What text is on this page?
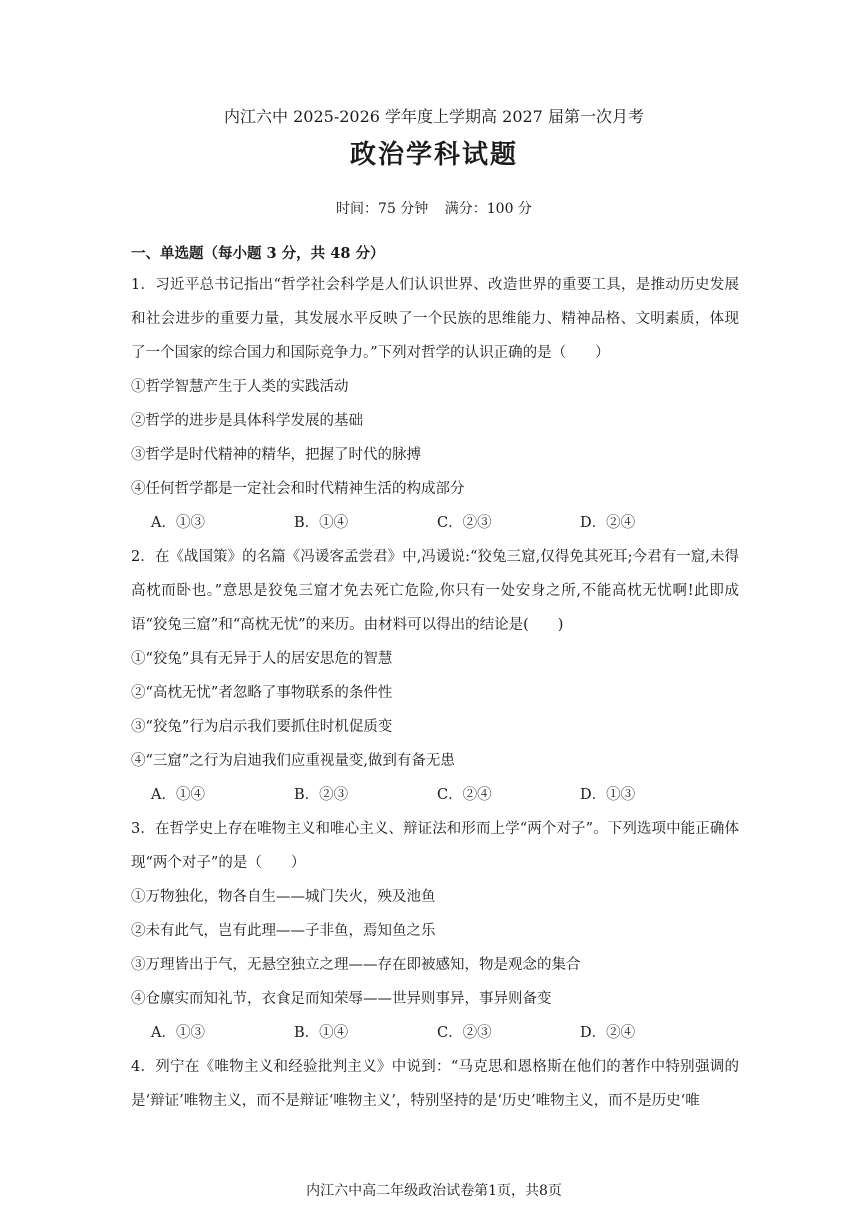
内江六中 2025-2026 学年度上学期高 2027 届第一次月考
政治学科试题
时间：75 分钟 满分：100 分
一、单选题（每小题 3 分，共 48 分）
1．习近平总书记指出“哲学社会科学是人们认识世界、改造世界的重要工具，是推动历史发展和社会进步的重要力量，其发展水平反映了一个民族的思维能力、精神品格、文明素质，体现了一个国家的综合国力和国际竞争力。”下列对哲学的认识正确的是（　　）
①哲学智慧产生于人类的实践活动
②哲学的进步是具体科学发展的基础
③哲学是时代精神的精华，把握了时代的脉搏
④任何哲学都是一定社会和时代精神生活的构成部分
A．①③	B．①④	C．②③	D．②④
2．在《战国策》的名篇《冯谖客孟尝君》中,冯谖说:“狡兔三窟,仅得免其死耳;今君有一窟,未得高枕而卧也。”意思是狡兔三窟才免去死亡危险,你只有一处安身之所,不能高枕无忧啊!此即成语“狡兔三窟”和“高枕无忧”的来历。由材料可以得出的结论是(　　)
①“狡兔”具有无异于人的居安思危的智慧
②“高枕无忧”者忽略了事物联系的条件性
③“狡兔”行为启示我们要抓住时机促质变
④“三窟”之行为启迪我们应重视量变,做到有备无患
A．①④	B．②③	C．②④	D．①③
3．在哲学史上存在唯物主义和唯心主义、辩证法和形而上学“两个对子”。下列选项中能正确体现“两个对子”的是（　　）
①万物独化，物各自生——城门失火，殃及池鱼
②未有此气，岂有此理——子非鱼，焉知鱼之乐
③万理皆出于气，无悬空独立之理——存在即被感知，物是观念的集合
④仓廪实而知礼节，衣食足而知荣辱——世异则事异，事异则备变
A．①③	B．①④	C．②③	D．②④
4．列宁在《唯物主义和经验批判主义》中说到：“马克思和恩格斯在他们的著作中特别强调的是‘辩证’唯物主义，而不是辩证‘唯物主义’，特别坚持的是‘历史’唯物主义，而不是历史‘唯
内江六中高二年级政治试卷第1页，共8页
